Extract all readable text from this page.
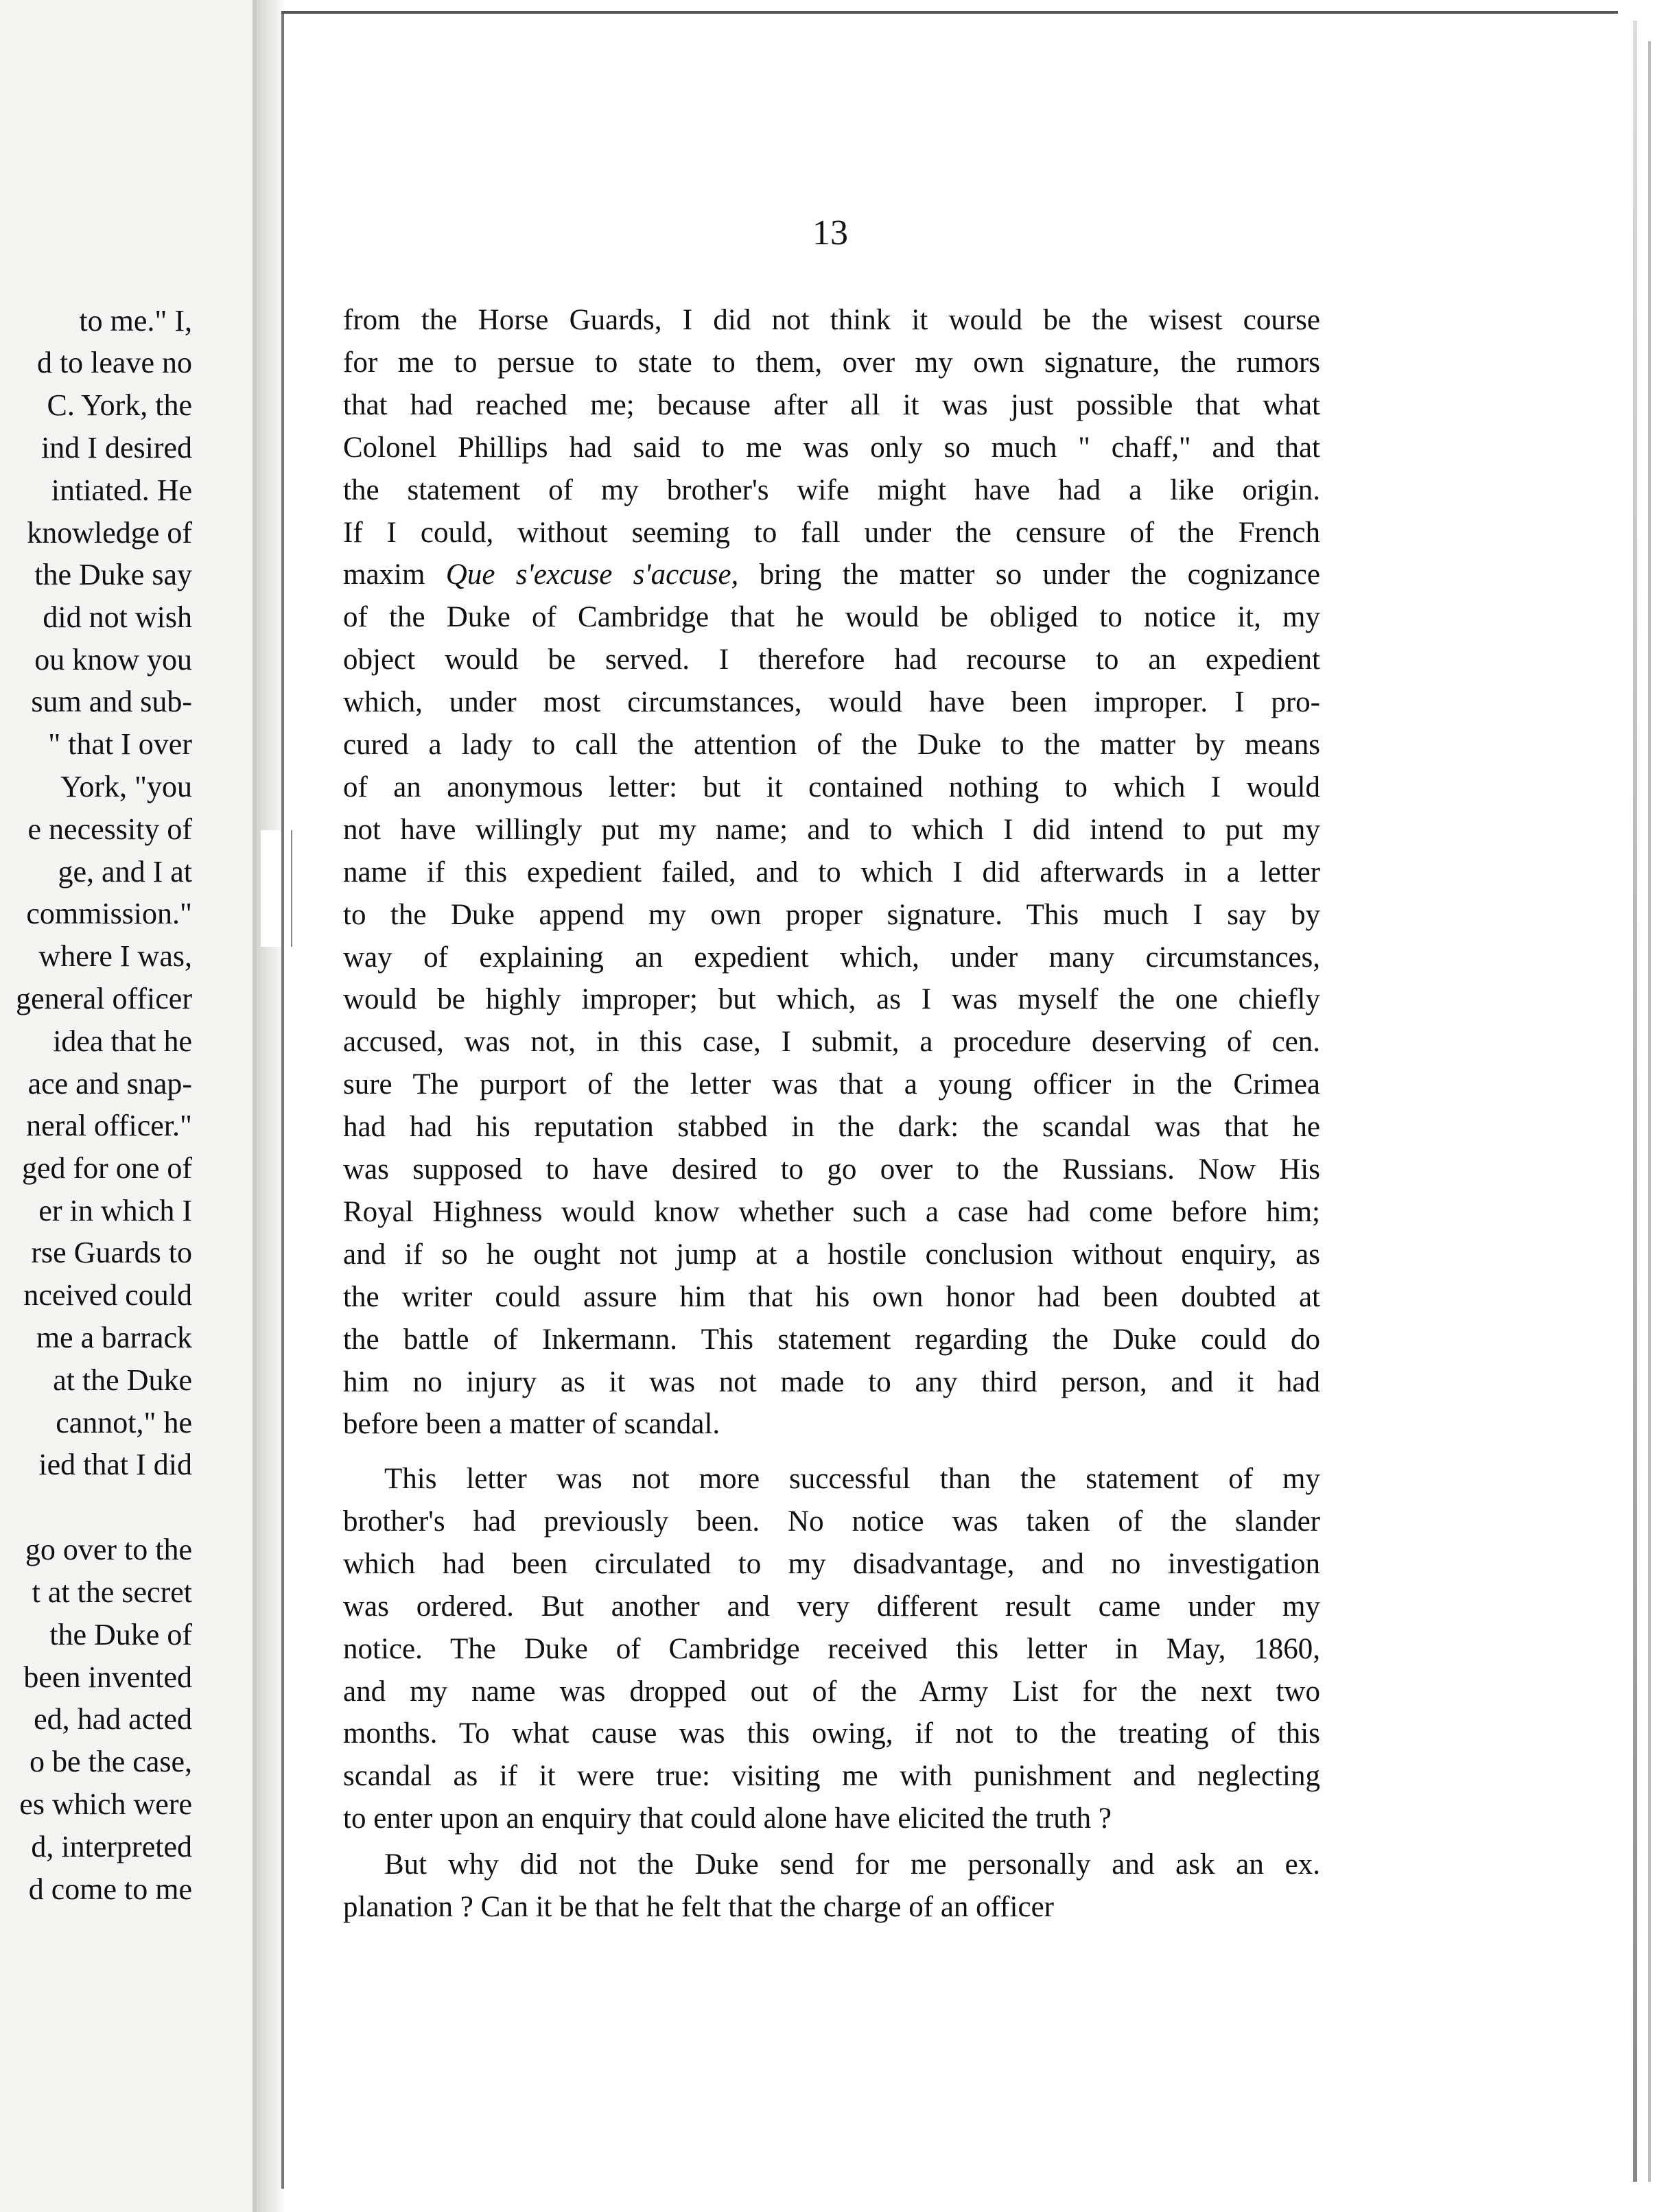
to me." I,
d to leave no
C. York, the
ind I desired
intiated. He
knowledge of
the Duke say
did not wish
ou know you
sum and sub-
" that I over
York, "you
e necessity of
ge, and I at
commission."
where I was,
general officer
idea that he
ace and snap-
neral officer."
ged for one of
er in which I
rse Guards to
nceived could
me a barrack
at the Duke
cannot," he
ied that I did
go over to the
t at the secret
the Duke of
been invented
ed, had acted
o be the case,
es which were
d, interpreted
d come to me
13
from the Horse Guards, I did not think it would be the wisest course
for me to persue to state to them, over my own signature, the rumors
that had reached me; because after all it was just possible that what
Colonel Phillips had said to me was only so much " chaff," and that
the statement of my brother's wife might have had a like origin.
If I could, without seeming to fall under the censure of the French
maxim Que s'excuse s'accuse, bring the matter so under the cognizance
of the Duke of Cambridge that he would be obliged to notice it, my
object would be served. I therefore had recourse to an expedient
which, under most circumstances, would have been improper. I pro-
cured a lady to call the attention of the Duke to the matter by means
of an anonymous letter: but it contained nothing to which I would
not have willingly put my name; and to which I did intend to put my
name if this expedient failed, and to which I did afterwards in a letter
to the Duke append my own proper signature. This much I say by
way of explaining an expedient which, under many circumstances,
would be highly improper; but which, as I was myself the one chiefly
accused, was not, in this case, I submit, a procedure deserving of cen.
sure The purport of the letter was that a young officer in the Crimea
had had his reputation stabbed in the dark: the scandal was that he
was supposed to have desired to go over to the Russians. Now His
Royal Highness would know whether such a case had come before him;
and if so he ought not jump at a hostile conclusion without enquiry, as
the writer could assure him that his own honor had been doubted at
the battle of Inkermann. This statement regarding the Duke could do
him no injury as it was not made to any third person, and it had
before been a matter of scandal.
This letter was not more successful than the statement of my
brother's had previously been. No notice was taken of the slander
which had been circulated to my disadvantage, and no investigation
was ordered. But another and very different result came under my
notice. The Duke of Cambridge received this letter in May, 1860,
and my name was dropped out of the Army List for the next two
months. To what cause was this owing, if not to the treating of this
scandal as if it were true: visiting me with punishment and neglecting
to enter upon an enquiry that could alone have elicited the truth ?
But why did not the Duke send for me personally and ask an ex.
planation ? Can it be that he felt that the charge of an officer
